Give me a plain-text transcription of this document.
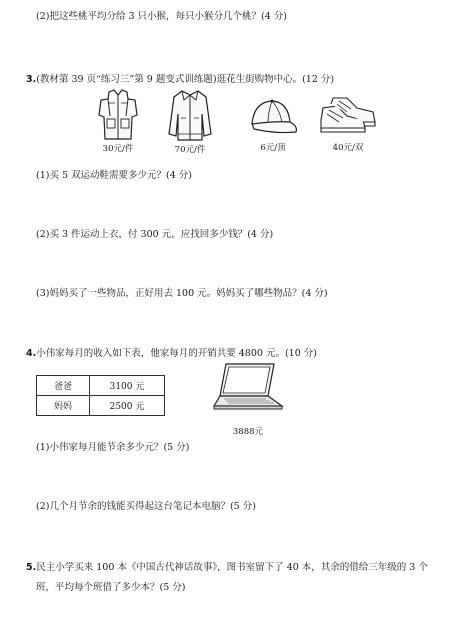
(2)把这些桃平均分给 3 只小猴，每只小猴分几个桃？(4 分)
3.(教材第 39 页“练习三”第 9 题变式训练题)逛花生街购物中心。(12 分)
30元/件	70元/件	6元/顶	40元/双
(1)买 5 双运动鞋需要多少元？(4 分)
(2)买 3 件运动上衣，付 300 元，应找回多少钱？(4 分)
(3)妈妈买了一些物品，正好用去 100 元。妈妈买了哪些物品？(4 分)
4.小伟家每月的收入如下表，他家每月的开销共要 4800 元。(10 分)
爸爸	3100 元
妈妈	2500 元
3888元
(1)小伟家每月能节余多少元？(5 分)
(2)几个月节余的钱能买得起这台笔记本电脑？(5 分)
5.民主小学买来 100 本《中国古代神话故事》，图书室留下了 40 本，其余的借给三年级的 3 个
班，平均每个班借了多少本？(5 分)
